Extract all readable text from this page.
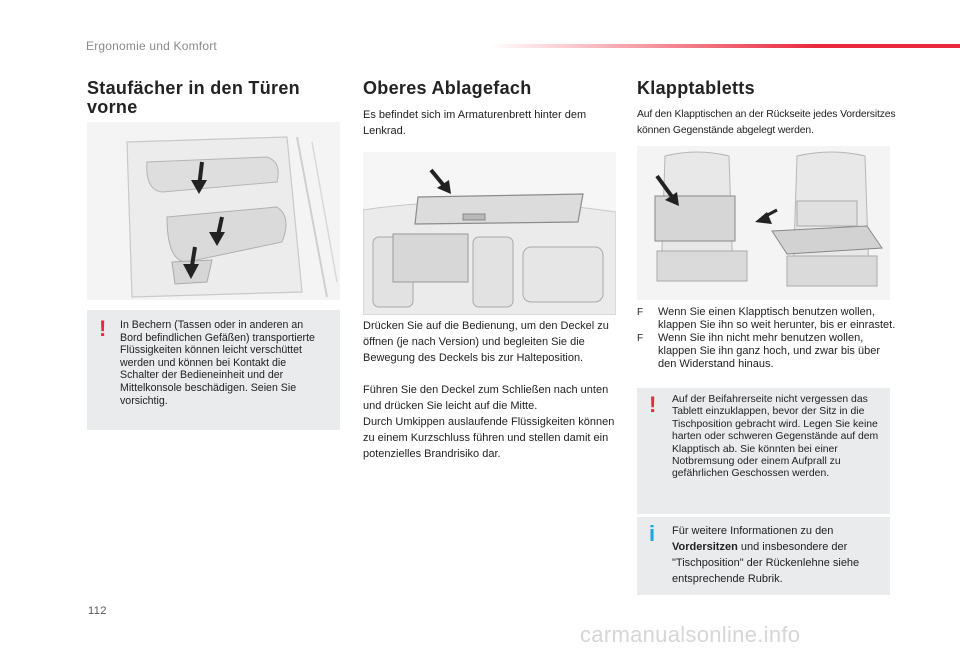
Ergonomie und Komfort
Staufächer in den Türen vorne
! In Bechern (Tassen oder in anderen an Bord befindlichen Gefäßen) transportierte Flüssigkeiten können leicht verschüttet werden und können bei Kontakt die Schalter der Bedieneinheit und der Mittelkonsole beschädigen. Seien Sie vorsichtig.
Oberes Ablagefach
Es befindet sich im Armaturenbrett hinter dem Lenkrad.
Drücken Sie auf die Bedienung, um den Deckel zu öffnen (je nach Version) und begleiten Sie die Bewegung des Deckels bis zur Halteposition.
Führen Sie den Deckel zum Schließen nach unten und drücken Sie leicht auf die Mitte.
Durch Umkippen auslaufende Flüssigkeiten können zu einem Kurzschluss führen und stellen damit ein potenzielles Brandrisiko dar.
Klapptabletts
Auf den Klapptischen an der Rückseite jedes Vordersitzes können Gegenstände abgelegt werden.
F Wenn Sie einen Klapptisch benutzen wollen, klappen Sie ihn so weit herunter, bis er einrastet.
F Wenn Sie ihn nicht mehr benutzen wollen, klappen Sie ihn ganz hoch, und zwar bis über den Widerstand hinaus.
! Auf der Beifahrerseite nicht vergessen das Tablett einzuklappen, bevor der Sitz in die Tischposition gebracht wird. Legen Sie keine harten oder schweren Gegenstände auf dem Klapptisch ab. Sie könnten bei einer Notbremsung oder einem Aufprall zu gefährlichen Geschossen werden.
i Für weitere Informationen zu den Vordersitzen und insbesondere der "Tischposition" der Rückenlehne siehe entsprechende Rubrik.
112
carmanualsonline.info
